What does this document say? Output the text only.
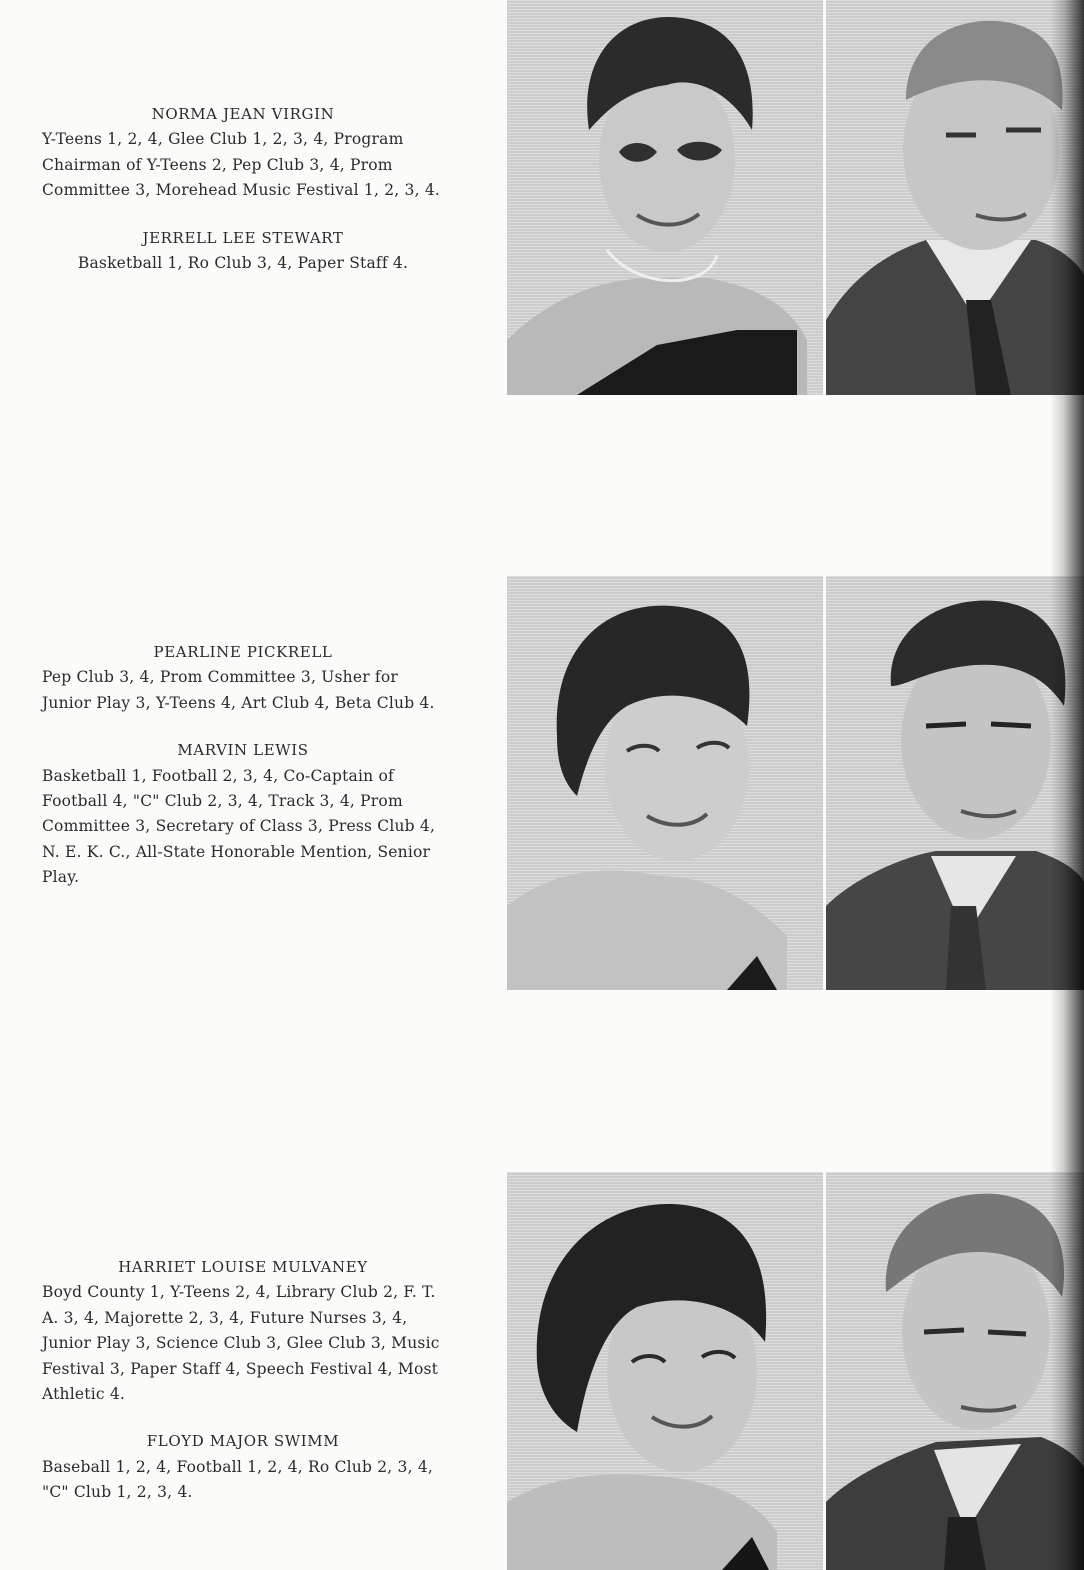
NORMA JEAN VIRGIN

Y-Teens 1, 2, 4, Glee Club 1, 2, 3, 4, Program Chairman of Y-Teens 2, Pep Club 3, 4, Prom Committee 3, Morehead Music Festival 1, 2, 3, 4.

JERRELL LEE STEWART

Basketball 1, Ro Club 3, 4, Paper Staff 4.

PEARLINE PICKRELL

Pep Club 3, 4, Prom Committee 3, Usher for Junior Play 3, Y-Teens 4, Art Club 4, Beta Club 4.

MARVIN LEWIS

Basketball 1, Football 2, 3, 4, Co-Captain of Football 4, "C" Club 2, 3, 4, Track 3, 4, Prom Committee 3, Secretary of Class 3, Press Club 4, N. E. K. C., All-State Honorable Mention, Senior Play.

HARRIET LOUISE MULVANEY

Boyd County 1, Y-Teens 2, 4, Library Club 2, F. T. A. 3, 4, Majorette 2, 3, 4, Future Nurses 3, 4, Junior Play 3, Science Club 3, Glee Club 3, Music Festival 3, Paper Staff 4, Speech Festival 4, Most Athletic 4.

FLOYD MAJOR SWIMM

Baseball 1, 2, 4, Football 1, 2, 4, Ro Club 2, 3, 4, "C" Club 1, 2, 3, 4.
